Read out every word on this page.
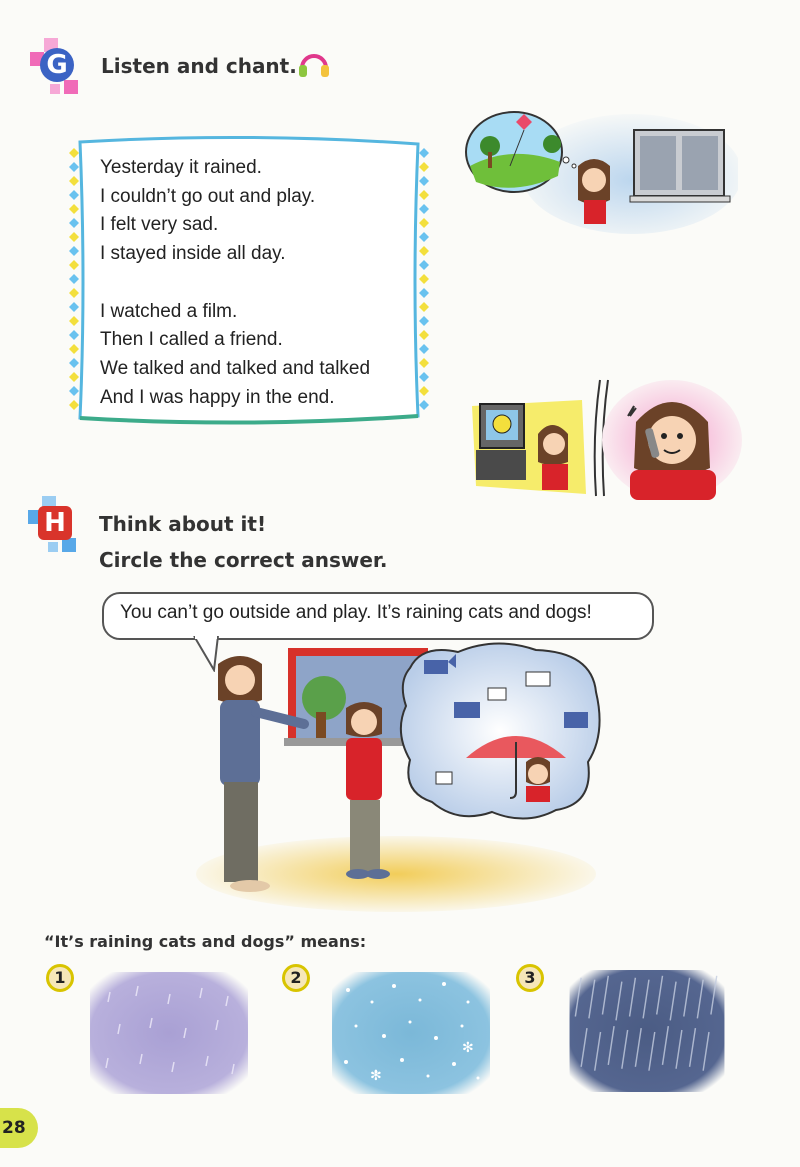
G	Listen and chant.
Yesterday it rained.
I couldn’t go out and play.
I felt very sad.
I stayed inside all day.
I watched a film.
Then I called a friend.
We talked and talked and talked
And I was happy in the end.
H	Think about it!
Circle the correct answer.
You can’t go outside and play. It’s raining cats and dogs!
“It’s raining cats and dogs” means:
1	2
✻
✻
3
28
